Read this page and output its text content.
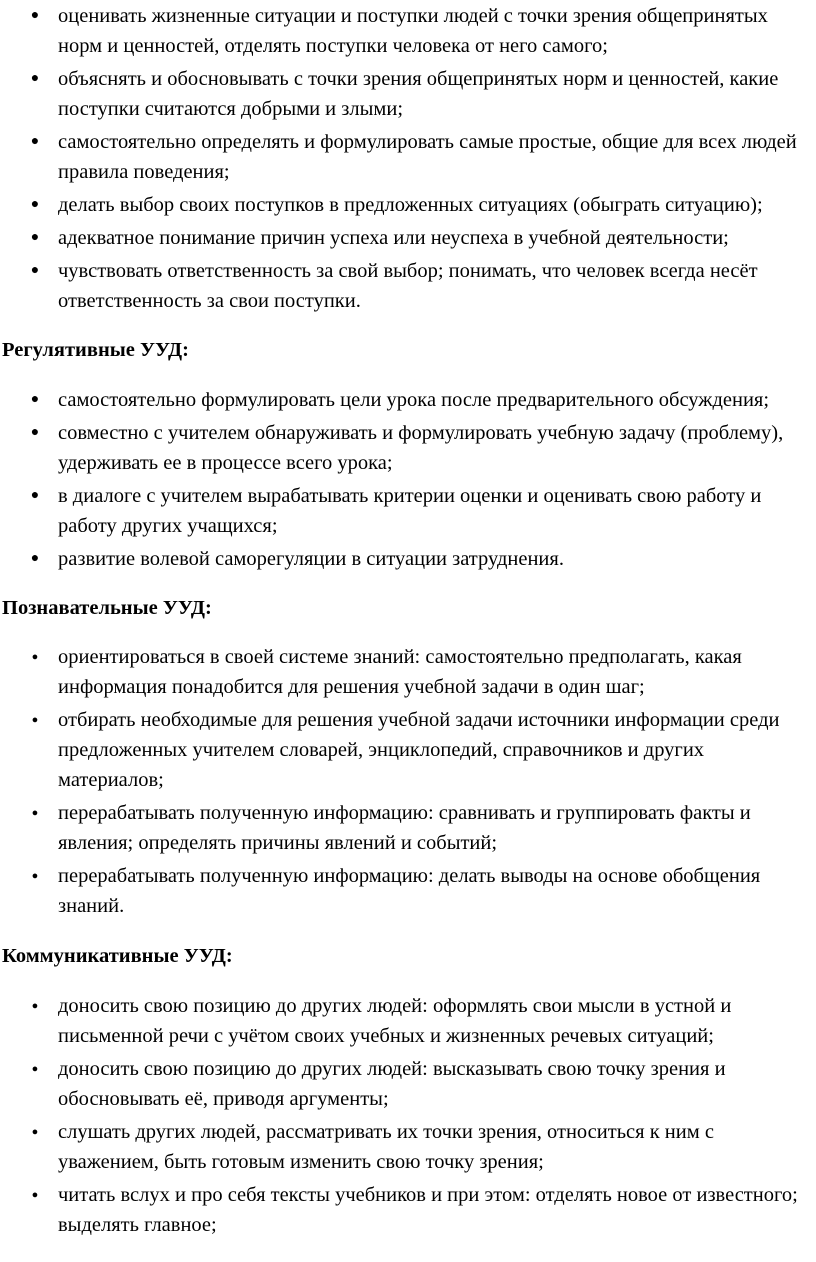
● оценивать жизненные ситуации и поступки людей с точки зрения общепринятых норм и ценностей, отделять поступки человека от него самого;
● объяснять и обосновывать с точки зрения общепринятых норм и ценностей, какие поступки считаются добрыми и злыми;
● самостоятельно определять и формулировать самые простые, общие для всех людей правила поведения;
● делать выбор своих поступков в предложенных ситуациях (обыграть ситуацию);
● адекватное понимание причин успеха или неуспеха в учебной деятельности;
● чувствовать ответственность за свой выбор; понимать, что человек всегда несёт ответственность за свои поступки.

Регулятивные УУД:

● самостоятельно формулировать цели урока после предварительного обсуждения;
● совместно с учителем обнаруживать и формулировать учебную задачу (проблему), удерживать ее в процессе всего урока;
● в диалоге с учителем вырабатывать критерии оценки и оценивать свою работу и работу других учащихся;
● развитие волевой саморегуляции в ситуации затруднения.

Познавательные УУД:

● ориентироваться в своей системе знаний: самостоятельно предполагать, какая информация понадобится для решения учебной задачи в один шаг;
● отбирать необходимые для решения учебной задачи источники информации среди предложенных учителем словарей, энциклопедий, справочников и других материалов;
● перерабатывать полученную информацию: сравнивать и группировать факты и явления; определять причины явлений и событий;
● перерабатывать полученную информацию: делать выводы на основе обобщения знаний.

Коммуникативные УУД:

● доносить свою позицию до других людей: оформлять свои мысли в устной и письменной речи с учётом своих учебных и жизненных речевых ситуаций;
● доносить свою позицию до других людей: высказывать свою точку зрения и обосновывать её, приводя аргументы;
● слушать других людей, рассматривать их точки зрения, относиться к ним с уважением, быть готовым изменить свою точку зрения;
● читать вслух и про себя тексты учебников и при этом: отделять новое от известного; выделять главное;
